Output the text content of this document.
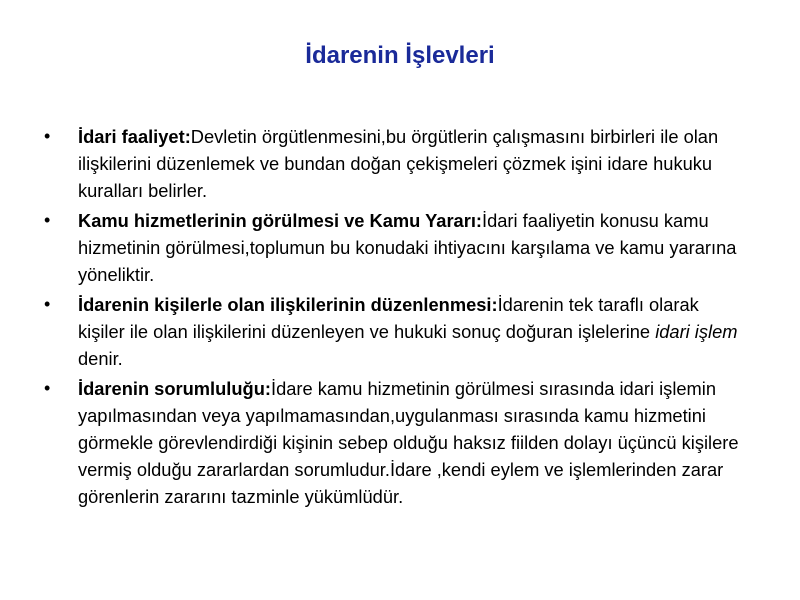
İdarenin İşlevleri
• İdari faaliyet:Devletin örgütlenmesini,bu örgütlerin çalışmasını birbirleri ile olan ilişkilerini düzenlemek ve bundan doğan çekişmeleri çözmek işini idare hukuku kuralları belirler.
• Kamu hizmetlerinin görülmesi ve Kamu Yararı:İdari faaliyetin konusu kamu hizmetinin görülmesi,toplumun bu konudaki ihtiyacını karşılama ve kamu yararına yöneliktir.
• İdarenin kişilerle olan ilişkilerinin düzenlenmesi:İdarenin tek taraflı olarak kişiler ile olan ilişkilerini düzenleyen ve hukuki sonuç doğuran işlelerine idari işlem denir.
• İdarenin sorumluluğu:İdare kamu hizmetinin görülmesi sırasında idari işlemin yapılmasından veya yapılmamasından,uygulanması sırasında kamu hizmetini görmekle görevlendirdiği kişinin sebep olduğu haksız fiilden dolayı üçüncü kişilere vermiş olduğu zararlardan sorumludur.İdare ,kendi eylem ve işlemlerinden zarar görenlerin zararını tazminle yükümlüdür.
